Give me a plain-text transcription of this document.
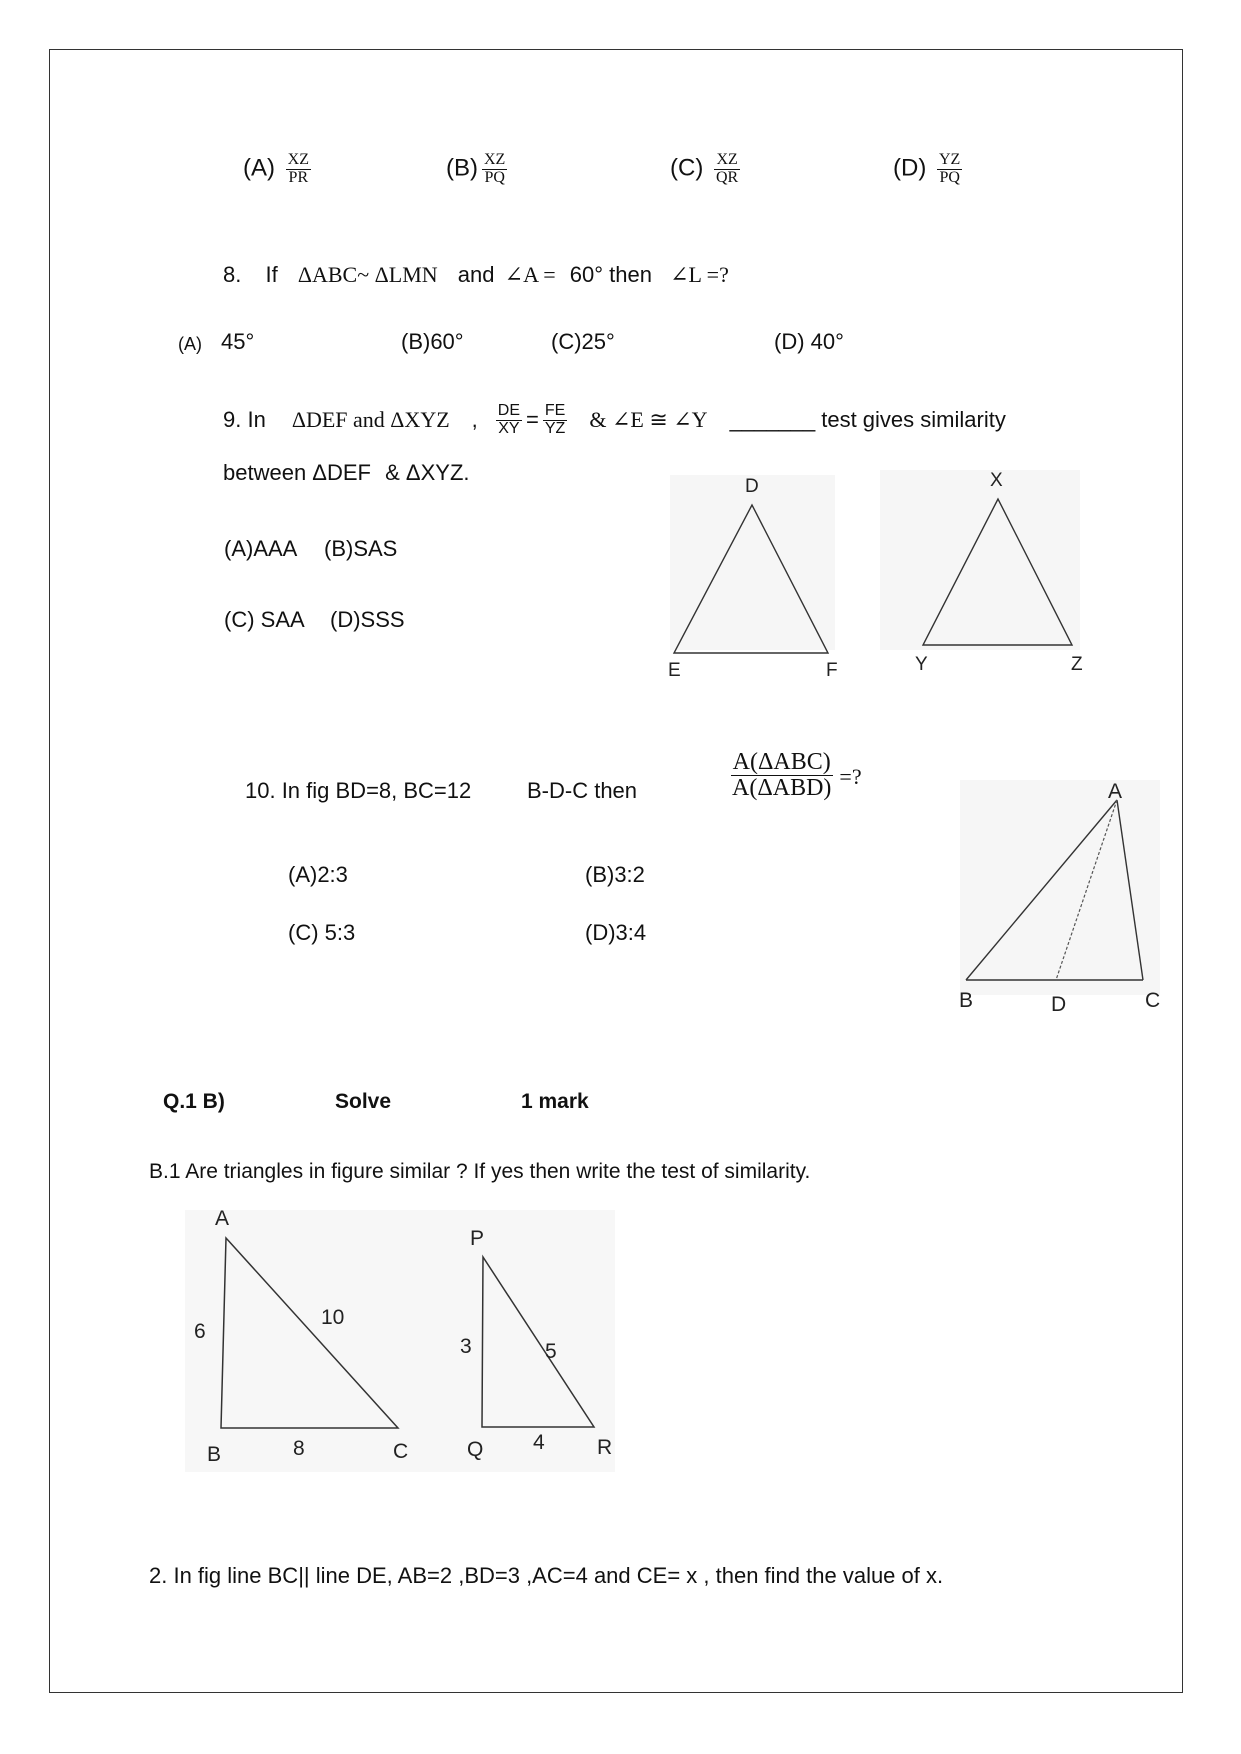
$(A) \frac{XZ}{PR}$	$(B) \frac{XZ}{PQ}$	$(C) \frac{XZ}{QR}$	$(D) \frac{YZ}{PQ}$
8. If ΔABC~ ΔLMN and ∠A = 60° then ∠L =?
(A) 45°	(B)60°	(C)25°	(D) 40°
9. In ΔDEF and ΔXYZ , $\frac{DE}{XY} = \frac{FE}{YZ}$ & ∠E ≅ ∠Y _______ test gives similarity
between ΔDEF & ΔXYZ.
(A)AAA (B)SAS
(C) SAA (D)SSS
D
E	F
X
Y	Z
10. In fig BD=8, BC=12	B-D-C then	$\frac{\text{A(ΔABC)}}{\text{A(ΔABD)}}$ =?
(A)2:3	(B)3:2
(C) 5:3	(D)3:4
A
B	D	C
Q.1 B)	Solve	1 mark
B.1 Are triangles in figure similar ? If yes then write the test of similarity.
A
B	C
6
10
8
P
Q	R
3	5
4
2. In fig line BC|| line DE, AB=2 ,BD=3 ,AC=4 and CE= x , then find the value of x.
